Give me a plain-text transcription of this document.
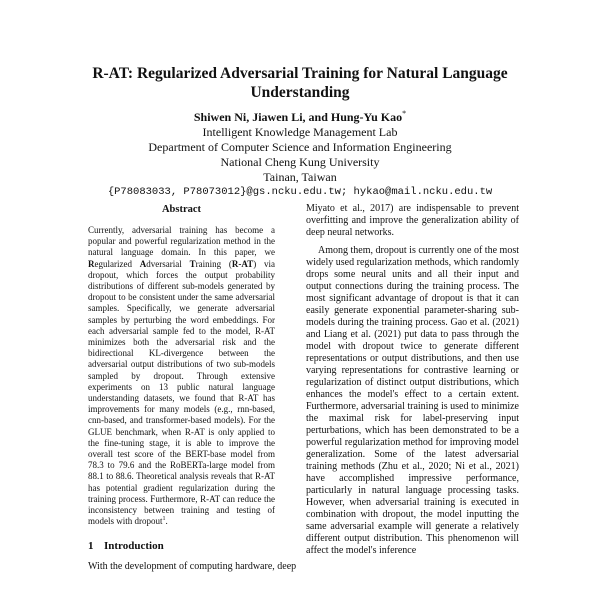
R-AT: Regularized Adversarial Training for Natural Language Understanding
Shiwen Ni, Jiawen Li, and Hung-Yu Kao*
Intelligent Knowledge Management Lab
Department of Computer Science and Information Engineering
National Cheng Kung University
Tainan, Taiwan
{P78083033, P78073012}@gs.ncku.edu.tw; hykao@mail.ncku.edu.tw
Abstract
Currently, adversarial training has become a popular and powerful regularization method in the natural language domain. In this paper, we Regularized Adversarial Training (R-AT) via dropout, which forces the output probability distributions of different sub-models generated by dropout to be consistent under the same adversarial samples. Specifically, we generate adversarial samples by perturbing the word embeddings. For each adversarial sample fed to the model, R-AT minimizes both the adversarial risk and the bidirectional KL-divergence between the adversarial output distributions of two sub-models sampled by dropout. Through extensive experiments on 13 public natural language understanding datasets, we found that R-AT has improvements for many models (e.g., rnn-based, cnn-based, and transformer-based models). For the GLUE benchmark, when R-AT is only applied to the fine-tuning stage, it is able to improve the overall test score of the BERT-base model from 78.3 to 79.6 and the RoBERTa-large model from 88.1 to 88.6. Theoretical analysis reveals that R-AT has potential gradient regularization during the training process. Furthermore, R-AT can reduce the inconsistency between training and testing of models with dropout$^1$.
1 Introduction
With the development of computing hardware, deep

Miyato et al., 2017) are indispensable to prevent overfitting and improve the generalization ability of deep neural networks.

Among them, dropout is currently one of the most widely used regularization methods, which randomly drops some neural units and all their input and output connections during the training process. The most significant advantage of dropout is that it can easily generate exponential parameter-sharing sub-models during the training process. Gao et al. (2021) and Liang et al. (2021) put data to pass through the model with dropout twice to generate different representations or output distributions, and then use varying representations for contrastive learning or regularization of distinct output distributions, which enhances the model's effect to a certain extent. Furthermore, adversarial training is used to minimize the maximal risk for label-preserving input perturbations, which has been demonstrated to be a powerful regularization method for improving model generalization. Some of the latest adversarial training methods (Zhu et al., 2020; Ni et al., 2021) have accomplished impressive performance, particularly in natural language processing tasks. However, when adversarial training is executed in combination with dropout, the model inputting the same adversarial example will generate a relatively different output distribution. This phenomenon will affect the model's inference
